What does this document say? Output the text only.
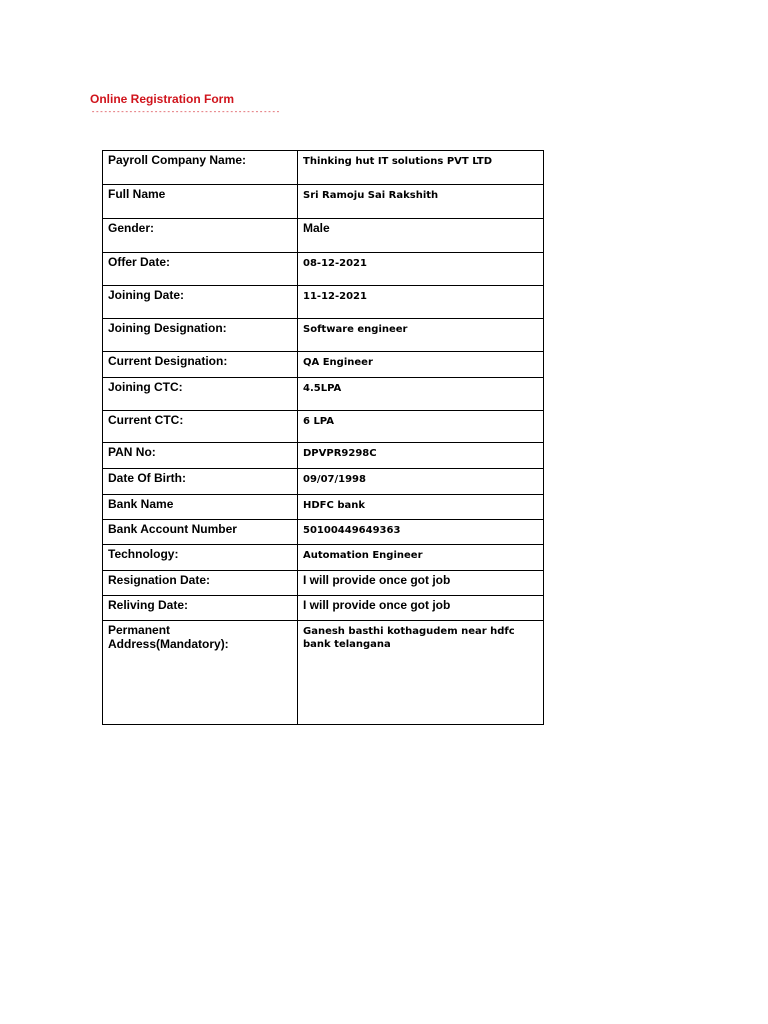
Online Registration Form
---------------------------------------------
Payroll Company Name:	Thinking hut IT solutions PVT LTD
Full Name	Sri Ramoju Sai Rakshith
Gender:	Male
Offer Date:	08-12-2021
Joining Date:	11-12-2021
Joining Designation:	Software engineer
Current Designation:	QA Engineer
Joining CTC:	4.5LPA
Current CTC:	6 LPA
PAN No:	DPVPR9298C
Date Of Birth:	09/07/1998
Bank Name	HDFC bank
Bank Account Number	50100449649363
Technology:	Automation Engineer
Resignation Date:	I will provide once got job
Reliving Date:	I will provide once got job
Permanent Address(Mandatory):	Ganesh basthi kothagudem near hdfc bank telangana
